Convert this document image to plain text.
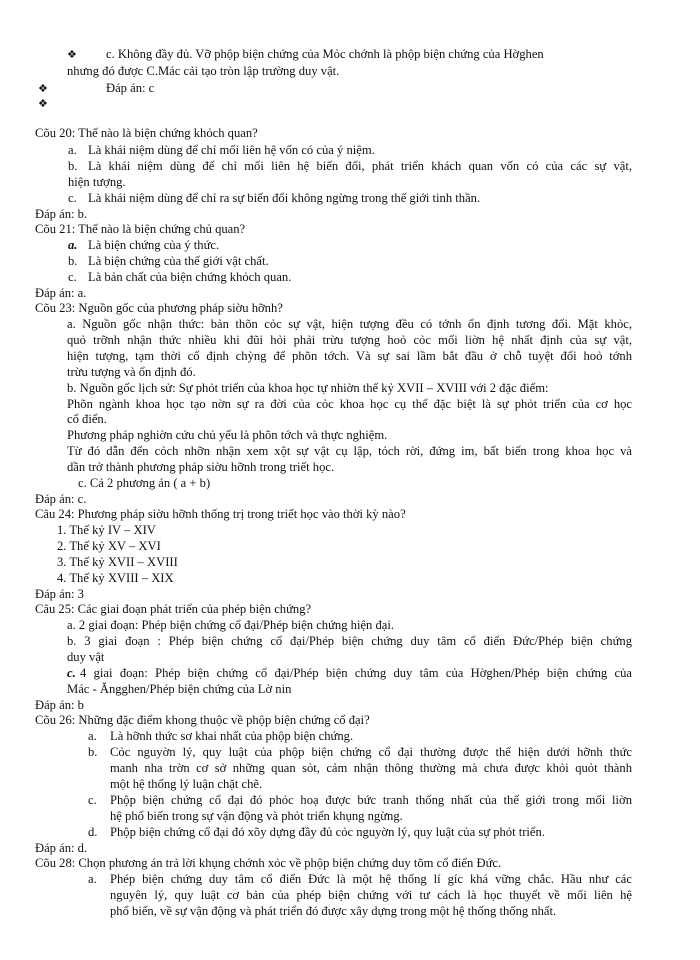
❖ c. Không đầy đủ. Vỡ phộp biện chứng của Mỏc chớnh là phộp biện chứng của Hờghen
nhưng đó được C.Mác cải tạo tròn lập trường duy vật.
❖	Đáp án: c
❖
Cõu 20: Thế nào là biện chứng khỏch quan?
a. Là khái niệm dùng để chỉ mối liên hệ vốn có của ý niệm.
b. Là khái niệm dùng để chỉ mối liên hệ biến đổi, phát triển khách quan vốn có của các sự vật,
hiện tượng.
c. Là khái niệm dùng để chỉ ra sự biến đổi không ngừng trong thế giới tinh thần.
Đáp án: b.
Cõu 21: Thế nào là biện chứng chủ quan?
a. Là biện chứng của ý thức.
b. Là biện chứng của thế giới vật chất.
c. Là bản chất của biện chứng khỏch quan.
Đáp án: a.
Cõu 23: Nguồn gốc của phương pháp siờu hỡnh?
a. Nguồn gốc nhận thức: bản thõn cỏc sự vật, hiện tượng đều có tớnh ổn định tương đối. Mặt khỏc,
quỏ trỡnh nhận thức nhiều khi đũi hỏi phải trừu tượng hoỏ cỏc mối liờn hệ nhất định của sự vật,
hiện tượng, tạm thời cố định chỳng để phõn tớch. Và sự sai lầm bắt đầu ở chỗ tuyệt đối hoỏ tớnh
trừu tượng và ổn định đó.
b. Nguồn gốc lịch sử: Sự phỏt triển của khoa học tự nhiờn thế kỷ XVII – XVIII với 2 đặc điểm:
Phõn ngành khoa học tạo nờn sự ra đời của cỏc khoa học cụ thể đặc biệt là sự phỏt triển của cơ học
cổ điển.
Phương pháp nghiờn cứu chủ yếu là phõn tớch và thực nghiệm.
Từ đó dẫn đến cỏch nhỡn nhận xem xột sự vật cụ lập, tỏch rời, đứng im, bất biến trong khoa học và
dần trở thành phương pháp siờu hỡnh trong triết học.
c. Cả 2 phương án ( a + b)
Đáp án: c.
Câu 24: Phương pháp siờu hỡnh thống trị trong triết học vào thời kỳ nào?
1. Thế kỷ IV – XIV
2. Thế kỷ XV – XVI
3. Thế kỷ XVII – XVIII
4. Thế kỷ XVIII – XIX
Đáp án: 3
Câu 25: Các giai đoạn phát triển của phép biện chứng?
a. 2 giai đoạn: Phép biện chứng cổ đại/Phép biện chứng hiện đại.
b. 3 giai đoạn : Phép biện chứng cổ đại/Phép biện chứng duy tâm cổ điển Đức/Phép biện chứng
duy vật
c. 4 giai đoạn: Phép biện chứng cổ đại/Phép biện chứng duy tâm của Hờghen/Phép biện chứng của
Mác - Ăngghen/Phép biện chứng của Lờ nin
Đáp án: b
Cõu 26: Những đặc điểm khong thuộc về phộp biện chứng cổ đại?
a. Là hỡnh thức sơ khai nhất của phộp biện chứng.
b. Cỏc nguyờn lý, quy luật của phộp biện chứng cổ đại thường được thể hiện dưới hỡnh thức
manh nha trờn cơ sở những quan sỏt, cảm nhận thông thường mà chưa được khỏi quỏt thành
một hệ thống lý luận chặt chẽ.
c. Phộp biện chứng cổ đại đó phỏc hoạ được bức tranh thống nhất của thế giới trong mối liờn
hệ phổ biến trong sự vận động và phỏt triển khụng ngừng.
d. Phộp biện chứng cổ đại đó xõy dựng đầy đủ cỏc nguyờn lý, quy luật của sự phỏt triển.
Đáp án: d.
Cõu 28: Chọn phương án trả lời khụng chớnh xỏc về phộp biện chứng duy tõm cổ điển Đức.
a. Phép biện chứng duy tâm cổ điển Đức là một hệ thống lí gíc khá vững chắc. Hầu như các
nguyên lý, quy luật cơ bản của phép biện chứng với tư cách là học thuyết về mối liên hệ
phổ biến, về sự vận động và phát triển đó được xây dựng trong một hệ thống thống nhất.
